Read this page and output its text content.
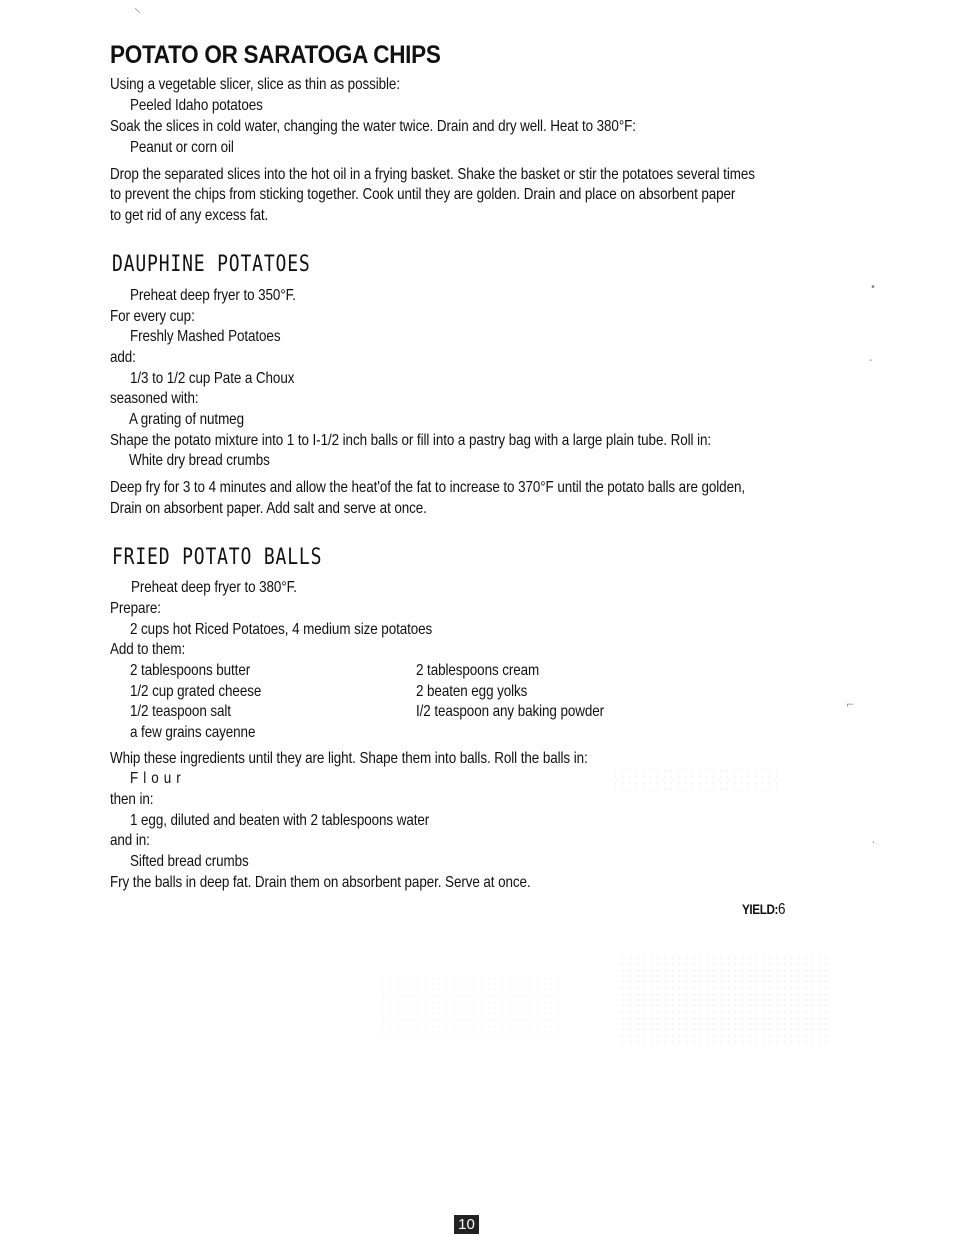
⸌
POTATO OR SARATOGA CHIPS
Using a vegetable slicer, slice as thin as possible:
Peeled Idaho potatoes
Soak the slices in cold water, changing the water twice. Drain and dry well. Heat to 380°F:
Peanut or corn oil
Drop the separated slices into the hot oil in a frying basket. Shake the basket or stir the potatoes several times
to prevent the chips from sticking together. Cook until they are golden. Drain and place on absorbent paper
to get rid of any excess fat.
DAUPHINE POTATOES
Preheat deep fryer to 350°F.
For every cup:
Freshly Mashed Potatoes
add:
1/3 to 1/2 cup Pate a Choux
seasoned with:
A grating of nutmeg
Shape the potato mixture into 1 to I-1/2 inch balls or fill into a pastry bag with a large plain tube. Roll in:
White dry bread crumbs
Deep fry for 3 to 4 minutes and allow the heat'of the fat to increase to 370°F until the potato balls are golden,
Drain on absorbent paper. Add salt and serve at once.
FRIED POTATO BALLS
Preheat deep fryer to 380°F.
Prepare:
2 cups hot Riced Potatoes, 4 medium size potatoes
Add to them:
2 tablespoons butter
1/2 cup grated cheese
1/2 teaspoon salt
a few grains cayenne
2 tablespoons cream
2 beaten egg yolks
I/2 teaspoon any baking powder
Whip these ingredients until they are light. Shape them into balls. Roll the balls in:
Flour
then in:
1 egg, diluted and beaten with 2 tablespoons water
and in:
Sifted bread crumbs
Fry the balls in deep fat. Drain them on absorbent paper. Serve at once.
YIELD:6
•
-
⌐
·
10
